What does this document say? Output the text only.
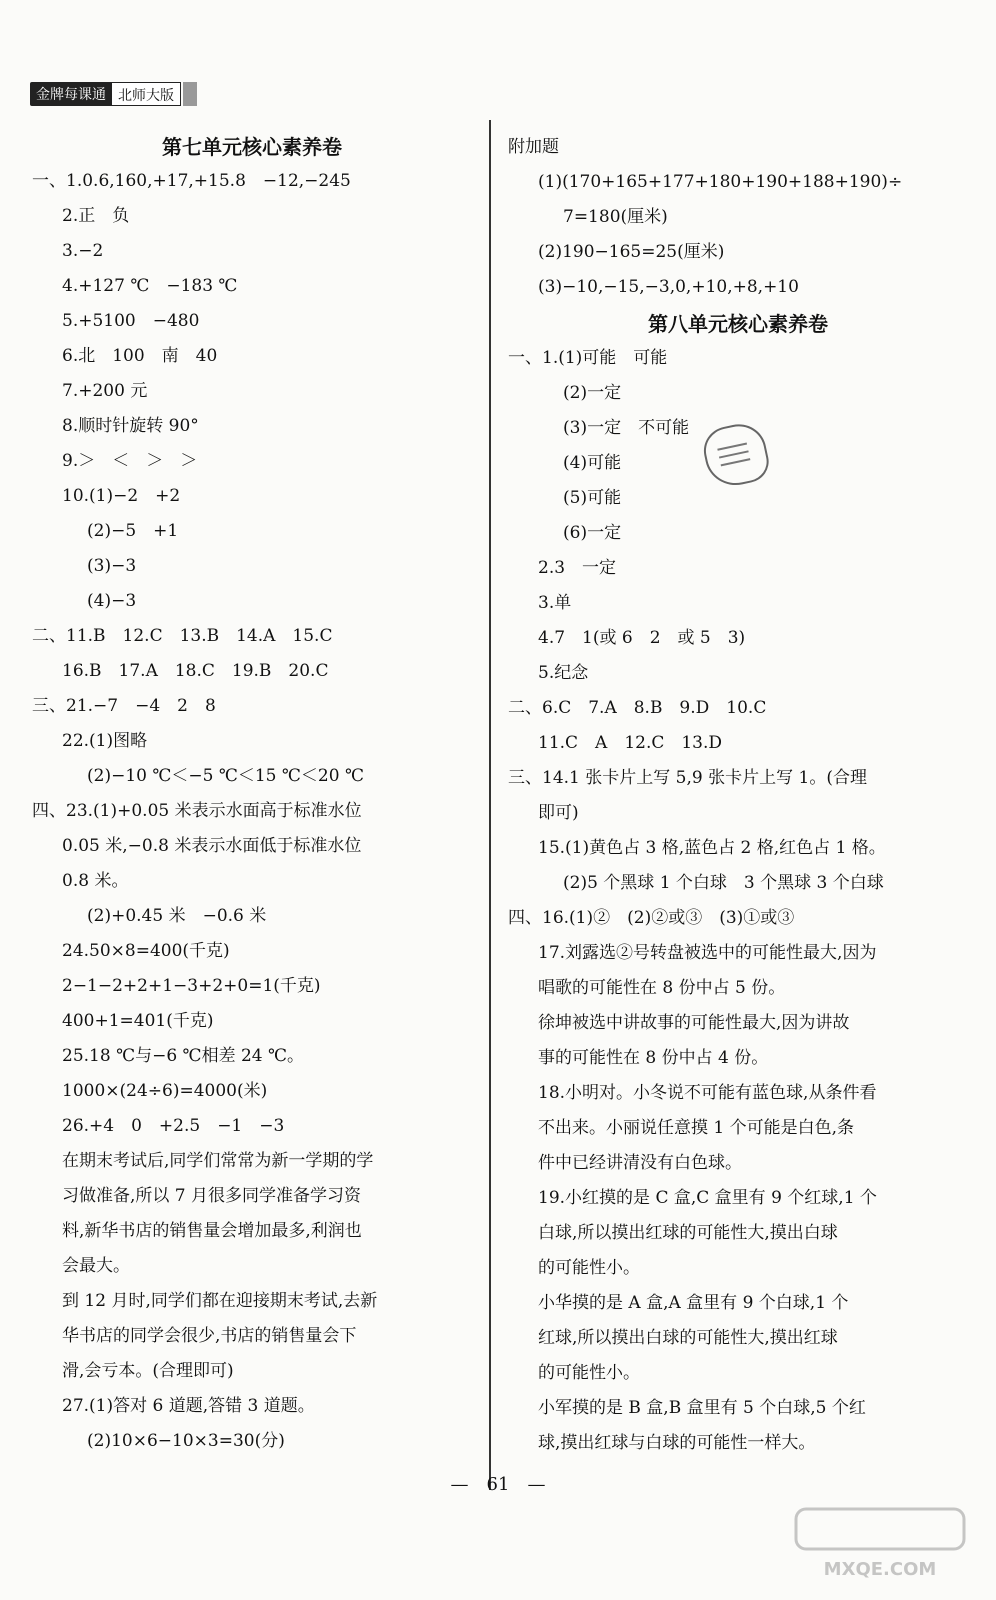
金牌每课通 北师大版
第七单元核心素养卷
一、1.0.6,160,+17,+15.8　−12,−245
2.正　负
3.−2
4.+127 ℃　−183 ℃
5.+5100　−480
6.北　100　南　40
7.+200 元
8.顺时针旋转 90°
9.＞　＜　＞　＞
10.(1)−2　+2
(2)−5　+1
(3)−3
(4)−3
二、11.B　12.C　13.B　14.A　15.C
16.B　17.A　18.C　19.B　20.C
三、21.−7　−4　2　8
22.(1)图略
(2)−10 ℃＜−5 ℃＜15 ℃＜20 ℃
四、23.(1)+0.05 米表示水面高于标准水位
0.05 米,−0.8 米表示水面低于标准水位
0.8 米。
(2)+0.45 米　−0.6 米
24.50×8=400(千克)
2−1−2+2+1−3+2+0=1(千克)
400+1=401(千克)
25.18 ℃与−6 ℃相差 24 ℃。
1000×(24÷6)=4000(米)
26.+4　0　+2.5　−1　−3
在期末考试后,同学们常常为新一学期的学
习做准备,所以 7 月很多同学准备学习资
料,新华书店的销售量会增加最多,利润也
会最大。
到 12 月时,同学们都在迎接期末考试,去新
华书店的同学会很少,书店的销售量会下
滑,会亏本。(合理即可)
27.(1)答对 6 道题,答错 3 道题。
(2)10×6−10×3=30(分)
附加题
(1)(170+165+177+180+190+188+190)÷
7=180(厘米)
(2)190−165=25(厘米)
(3)−10,−15,−3,0,+10,+8,+10
第八单元核心素养卷
一、1.(1)可能　可能
(2)一定
(3)一定　不可能
(4)可能
(5)可能
(6)一定
2.3　一定
3.单
4.7　1(或 6　2　或 5　3)
5.纪念
二、6.C　7.A　8.B　9.D　10.C
11.C　A　12.C　13.D
三、14.1 张卡片上写 5,9 张卡片上写 1。(合理
即可)
15.(1)黄色占 3 格,蓝色占 2 格,红色占 1 格。
(2)5 个黑球 1 个白球　3 个黑球 3 个白球
四、16.(1)②　(2)②或③　(3)①或③
17.刘露选②号转盘被选中的可能性最大,因为
唱歌的可能性在 8 份中占 5 份。
徐坤被选中讲故事的可能性最大,因为讲故
事的可能性在 8 份中占 4 份。
18.小明对。小冬说不可能有蓝色球,从条件看
不出来。小丽说任意摸 1 个可能是白色,条
件中已经讲清没有白色球。
19.小红摸的是 C 盒,C 盒里有 9 个红球,1 个
白球,所以摸出红球的可能性大,摸出白球
的可能性小。
小华摸的是 A 盒,A 盒里有 9 个白球,1 个
红球,所以摸出白球的可能性大,摸出红球
的可能性小。
小军摸的是 B 盒,B 盒里有 5 个白球,5 个红
球,摸出红球与白球的可能性一样大。
—　61　—
MXQE.COM
